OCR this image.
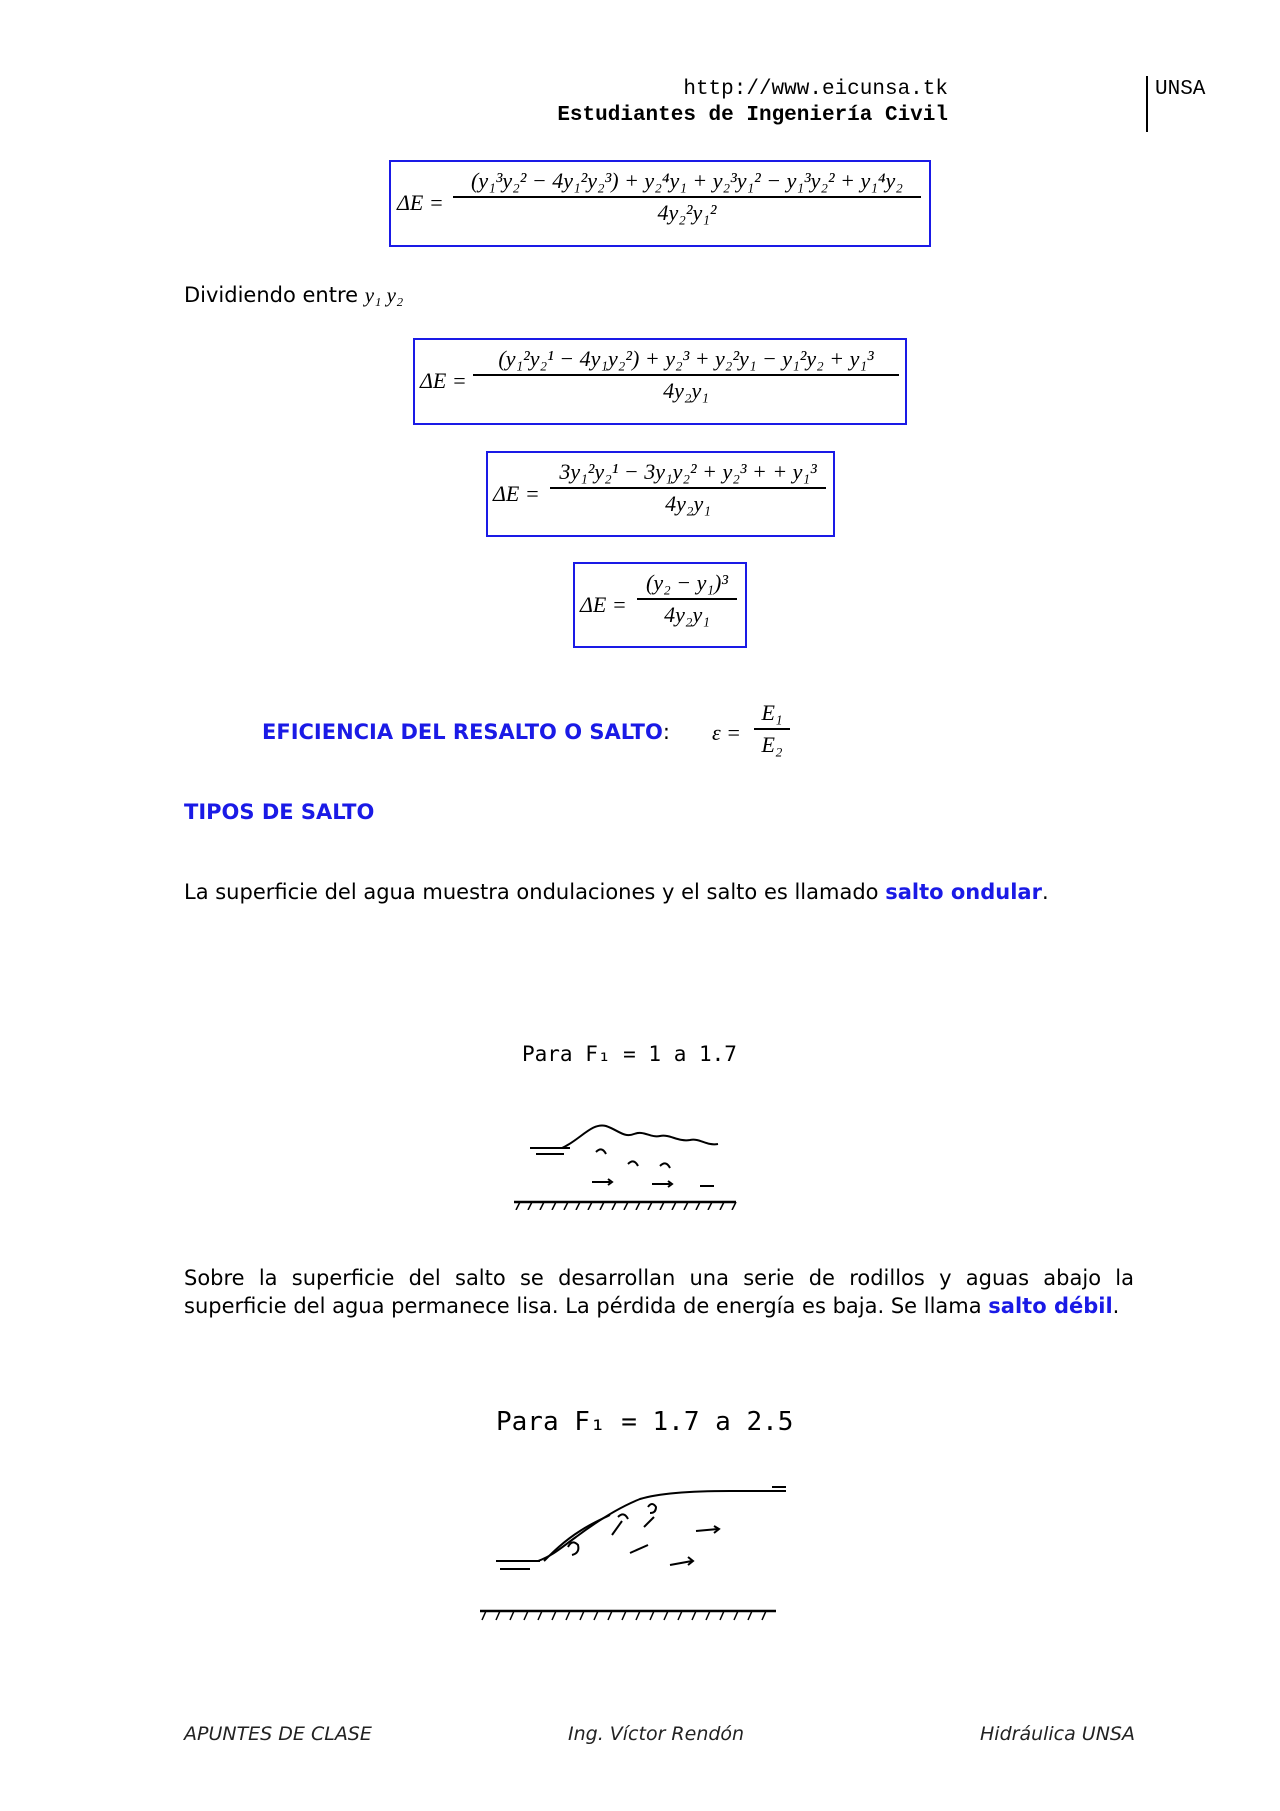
http://www.eicunsa.tk
Estudiantes de Ingeniería Civil
UNSA
ΔE =
(y₁³y₂² − 4y₁²y₂³) + y₂⁴y₁ + y₂³y₁² − y₁³y₂² + y₁⁴y₂
4y₂²y₁²
Dividiendo entre y₁ y₂
ΔE =
(y₁²y₂¹ − 4y₁y₂²) + y₂³ + y₂²y₁ − y₁²y₂ + y₁³
4y₂y₁
ΔE =
3y₁²y₂¹ − 3y₁y₂² + y₂³ + + y₁³
4y₂y₁
ΔE =
(y₂ − y₁)³
4y₂y₁
EFICIENCIA DEL RESALTO O SALTO: ε =
E₁
E₂
TIPOS DE SALTO
La superficie del agua muestra ondulaciones y el salto es llamado salto ondular.
Para F₁ = 1 a 1.7
Sobre la superficie del salto se desarrollan una serie de rodillos y aguas abajo la superficie del agua permanece lisa. La pérdida de energía es baja. Se llama salto débil.
Para F₁ = 1.7 a 2.5
APUNTES DE CLASE	Ing. Víctor Rendón	Hidráulica UNSA
